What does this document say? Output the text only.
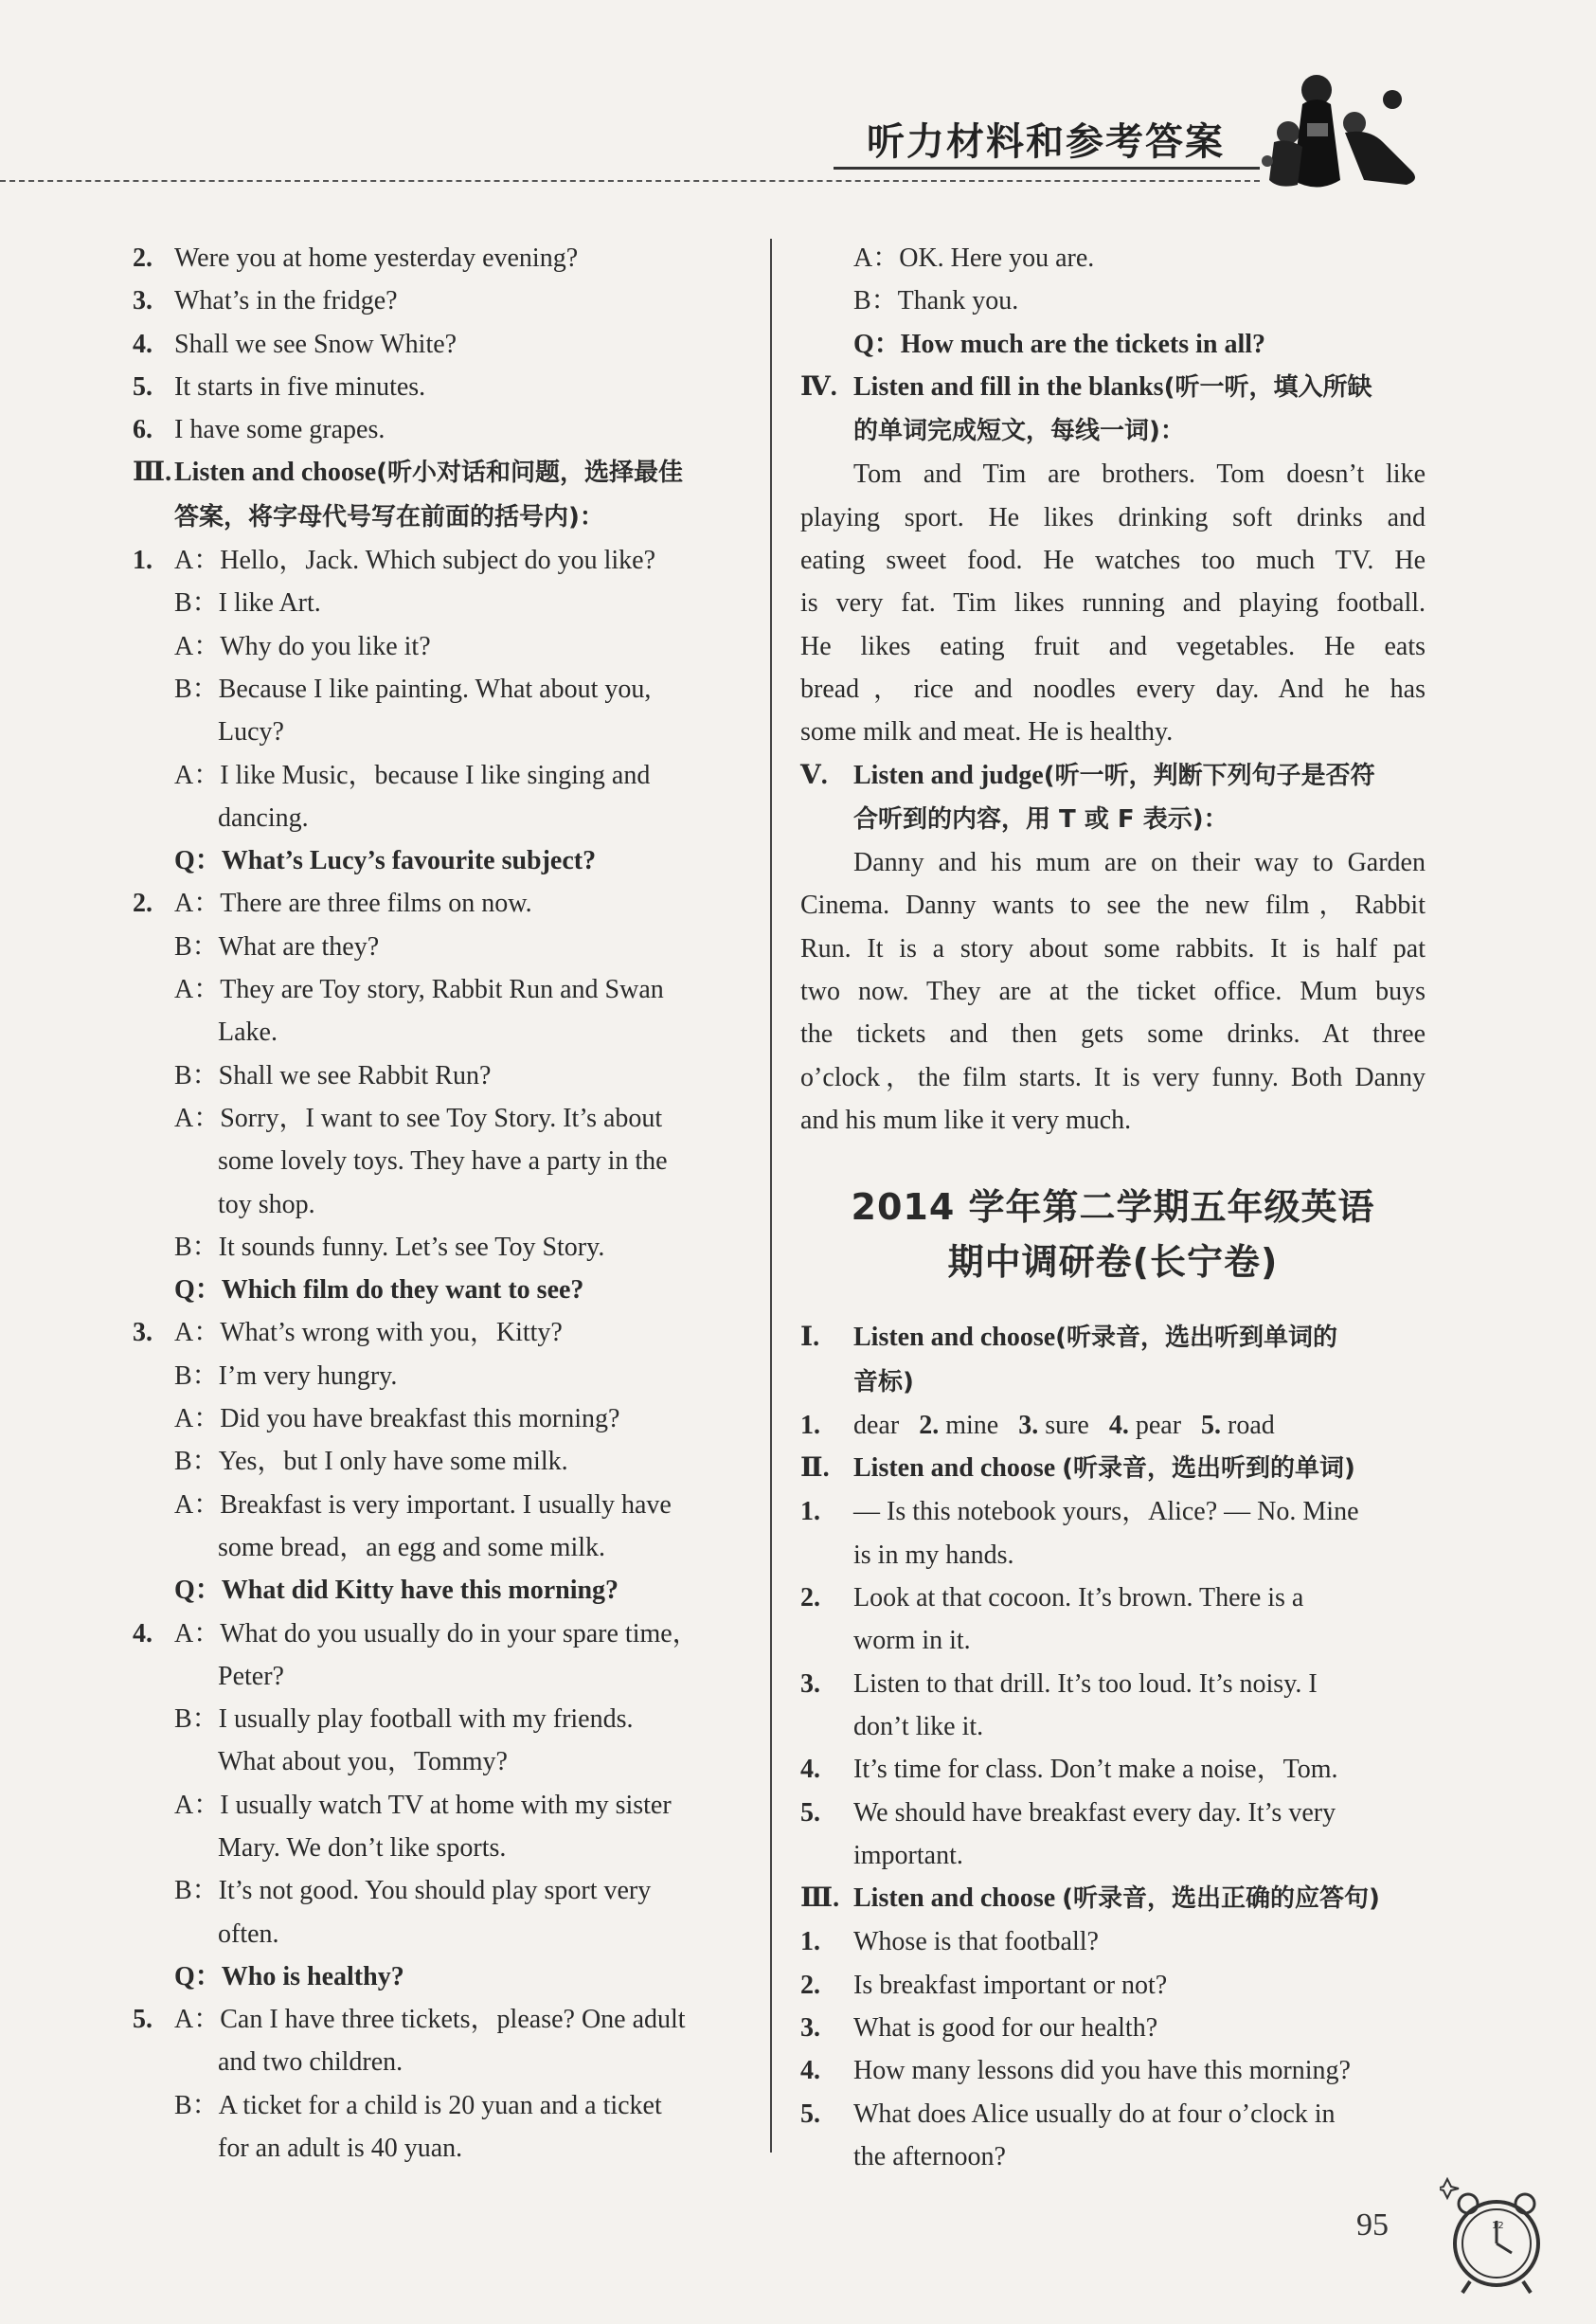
听力材料和参考答案
2. Were you at home yesterday evening?
3. What’s in the fridge?
4. Shall we see Snow White?
5. It starts in five minutes.
6. I have some grapes.
Ⅲ. Listen and choose(听小对话和问题，选择最佳
答案，将字母代号写在前面的括号内)：
1. A：Hello，Jack. Which subject do you like?
B：I like Art.
A：Why do you like it?
B：Because I like painting. What about you,
Lucy?
A：I like Music，because I like singing and
dancing.
Q：What’s Lucy’s favourite subject?
2. A：There are three films on now.
B：What are they?
A：They are Toy story, Rabbit Run and Swan
Lake.
B：Shall we see Rabbit Run?
A：Sorry，I want to see Toy Story. It’s about
some lovely toys. They have a party in the
toy shop.
B：It sounds funny. Let’s see Toy Story.
Q：Which film do they want to see?
3. A：What’s wrong with you，Kitty?
B：I’m very hungry.
A：Did you have breakfast this morning?
B：Yes，but I only have some milk.
A：Breakfast is very important. I usually have
some bread，an egg and some milk.
Q：What did Kitty have this morning?
4. A：What do you usually do in your spare time，
Peter?
B：I usually play football with my friends.
What about you，Tommy?
A：I usually watch TV at home with my sister
Mary. We don’t like sports.
B：It’s not good. You should play sport very
often.
Q：Who is healthy?
5. A：Can I have three tickets，please? One adult
and two children.
B：A ticket for a child is 20 yuan and a ticket
for an adult is 40 yuan.
A：OK. Here you are.
B：Thank you.
Q：How much are the tickets in all?
Ⅳ. Listen and fill in the blanks(听一听，填入所缺
的单词完成短文，每线一词)：
Tom and Tim are brothers. Tom doesn’t like
playing sport. He likes drinking soft drinks and
eating sweet food. He watches too much TV. He
is very fat. Tim likes running and playing football.
He likes eating fruit and vegetables. He eats
bread，rice and noodles every day. And he has
some milk and meat. He is healthy.
Ⅴ. Listen and judge(听一听，判断下列句子是否符
合听到的内容，用 T 或 F 表示)：
Danny and his mum are on their way to Garden
Cinema. Danny wants to see the new film，Rabbit
Run. It is a story about some rabbits. It is half pat
two now. They are at the ticket office. Mum buys
the tickets and then gets some drinks. At three
o’clock，the film starts. It is very funny. Both Danny
and his mum like it very much.
2014 学年第二学期五年级英语
期中调研卷(长宁卷)
Ⅰ. Listen and choose(听录音，选出听到单词的
音标)
1. dear 2. mine 3. sure 4. pear 5. road
Ⅱ. Listen and choose (听录音，选出听到的单词)
1. — Is this notebook yours，Alice? — No. Mine
is in my hands.
2. Look at that cocoon. It’s brown. There is a
worm in it.
3. Listen to that drill. It’s too loud. It’s noisy. I
don’t like it.
4. It’s time for class. Don’t make a noise，Tom.
5. We should have breakfast every day. It’s very
important.
Ⅲ. Listen and choose (听录音，选出正确的应答句)
1. Whose is that football?
2. Is breakfast important or not?
3. What is good for our health?
4. How many lessons did you have this morning?
5. What does Alice usually do at four o’clock in
the afternoon?
95	12
